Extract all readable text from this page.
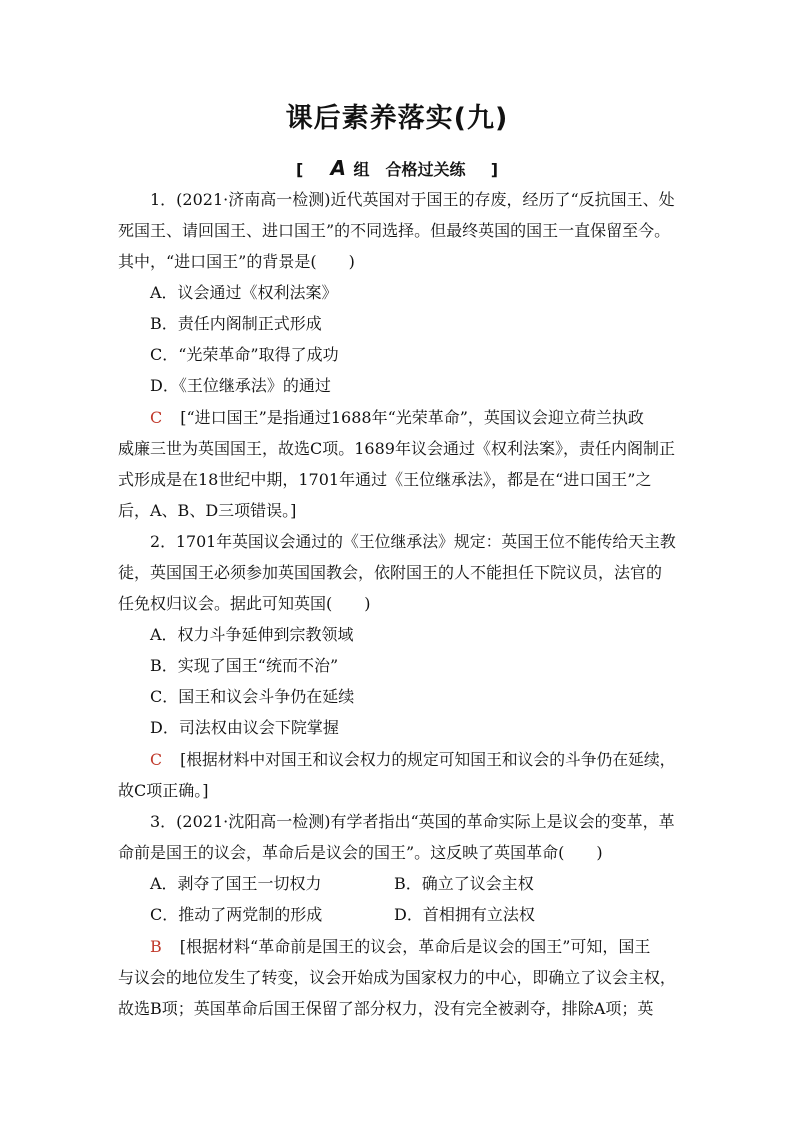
课后素养落实(九)
[ A 组　合格过关练 ]
1．(2021·济南高一检测)近代英国对于国王的存废，经历了“反抗国王、处
死国王、请回国王、进口国王”的不同选择。但最终英国的国王一直保留至今。
其中，“进口国王”的背景是(　　)
A．议会通过《权利法案》
B．责任内阁制正式形成
C．“光荣革命”取得了成功
D．《王位继承法》的通过
C [“进口国王”是指通过1688年“光荣革命”，英国议会迎立荷兰执政
威廉三世为英国国王，故选C项。1689年议会通过《权利法案》，责任内阁制正
式形成是在18世纪中期，1701年通过《王位继承法》，都是在“进口国王”之
后，A、B、D三项错误。]
2．1701年英国议会通过的《王位继承法》规定：英国王位不能传给天主教
徒，英国国王必须参加英国国教会，依附国王的人不能担任下院议员，法官的
任免权归议会。据此可知英国(　　)
A．权力斗争延伸到宗教领域
B．实现了国王“统而不治”
C．国王和议会斗争仍在延续
D．司法权由议会下院掌握
C [根据材料中对国王和议会权力的规定可知国王和议会的斗争仍在延续，
故C项正确。]
3．(2021·沈阳高一检测)有学者指出“英国的革命实际上是议会的变革，革
命前是国王的议会，革命后是议会的国王”。这反映了英国革命(　　)
A．剥夺了国王一切权力	B．确立了议会主权
C．推动了两党制的形成	D．首相拥有立法权
B [根据材料“革命前是国王的议会，革命后是议会的国王”可知，国王
与议会的地位发生了转变，议会开始成为国家权力的中心，即确立了议会主权，
故选B项；英国革命后国王保留了部分权力，没有完全被剥夺，排除A项；英
